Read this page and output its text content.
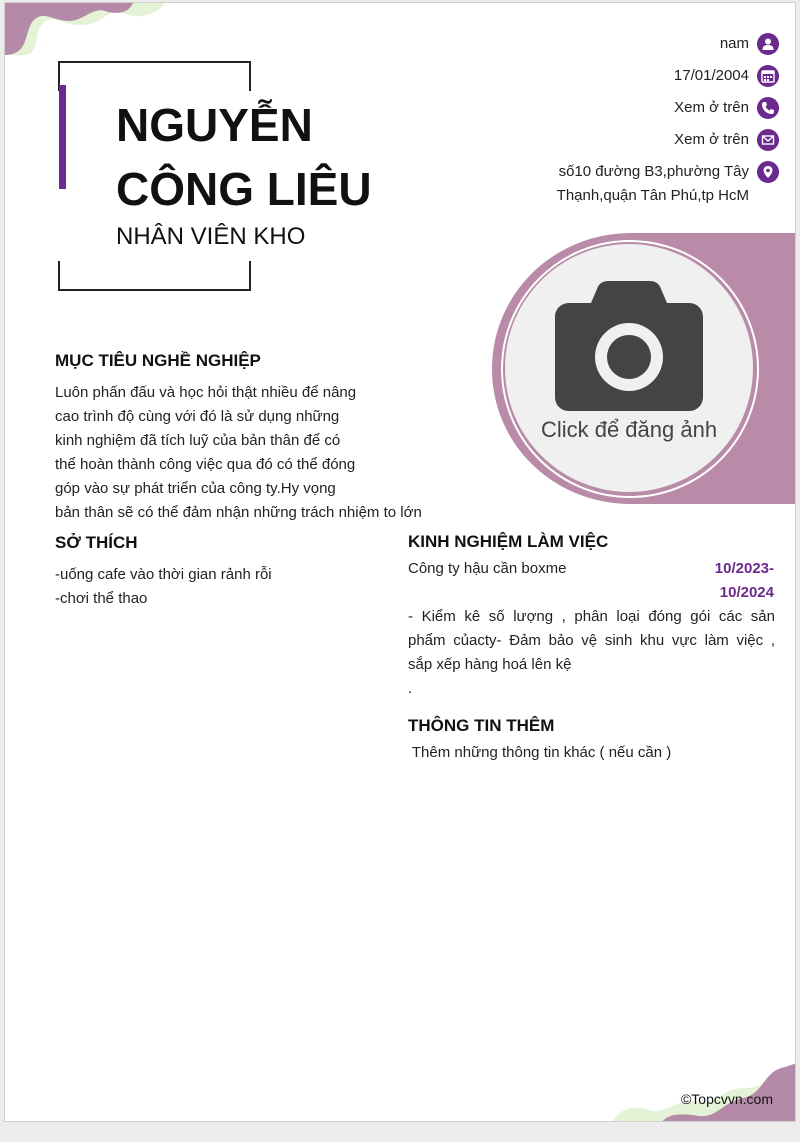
NGUYỄN
CÔNG LIÊU
NHÂN VIÊN KHO
nam
17/01/2004
Xem ở trên
Xem ở trên
số10 đường B3,phường Tây
Thạnh,quận Tân Phú,tp HcM
Click để đăng ảnh
MỤC TIÊU NGHỀ NGHIỆP
Luôn phấn đấu và học hỏi thật nhiều để nâng
cao trình độ cùng với đó là sử dụng những
kinh nghiệm đã tích luỹ của bản thân để có
thể hoàn thành công việc qua đó có thể đóng
góp vào sự phát triển của công ty.Hy vọng
bản thân sẽ có thể đảm nhận những trách nhiệm to lớn
SỞ THÍCH
-uống cafe vào thời gian rảnh rỗi
-chơi thể thao
KINH NGHIỆM LÀM VIỆC
Công ty hậu cần boxme	10/2023-
10/2024
- Kiểm kê số lượng , phân loại đóng gói các sản
phẩm củacty- Đảm bảo vệ sinh khu vực làm việc ,
sắp xếp hàng hoá lên kệ
.
THÔNG TIN THÊM
Thêm những thông tin khác ( nếu cần )
©Topcvvn.com
